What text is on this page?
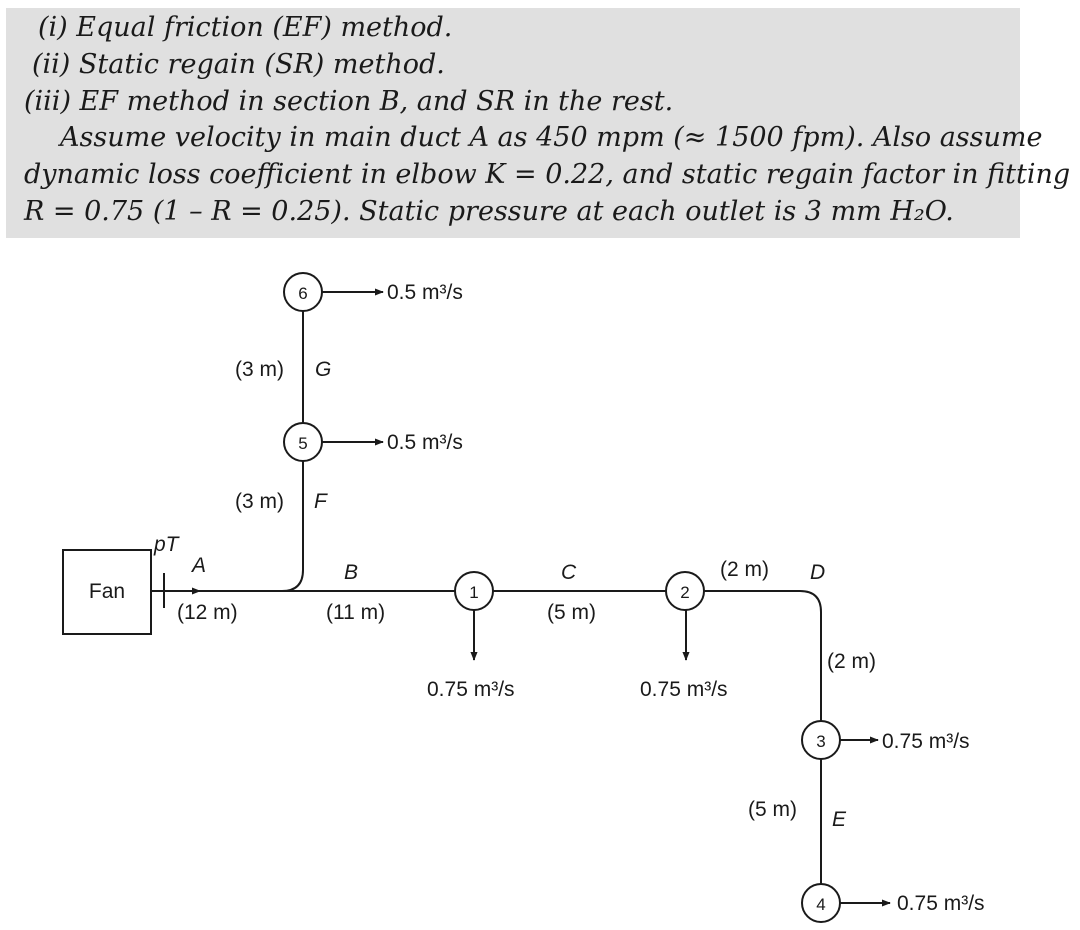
(i) Equal friction (EF) method.
(ii) Static regain (SR) method.
(iii) EF method in section B, and SR in the rest.
Assume velocity in main duct A as 450 mpm (≈ 1500 fpm). Also assume
dynamic loss coefficient in elbow K = 0.22, and static regain factor in fitting
R = 0.75 (1 – R = 0.25). Static pressure at each outlet is 3 mm H₂O.
1	2
3
4
5
6
Fan
pT
A	B	C	D
E
F
G
(12 m)	(11 m)	(5 m)
(2 m)
(2 m)
(5 m)
(3 m)
(3 m)
0.75 m³/s	0.75 m³/s
0.75 m³/s
0.75 m³/s
0.5 m³/s
0.5 m³/s
